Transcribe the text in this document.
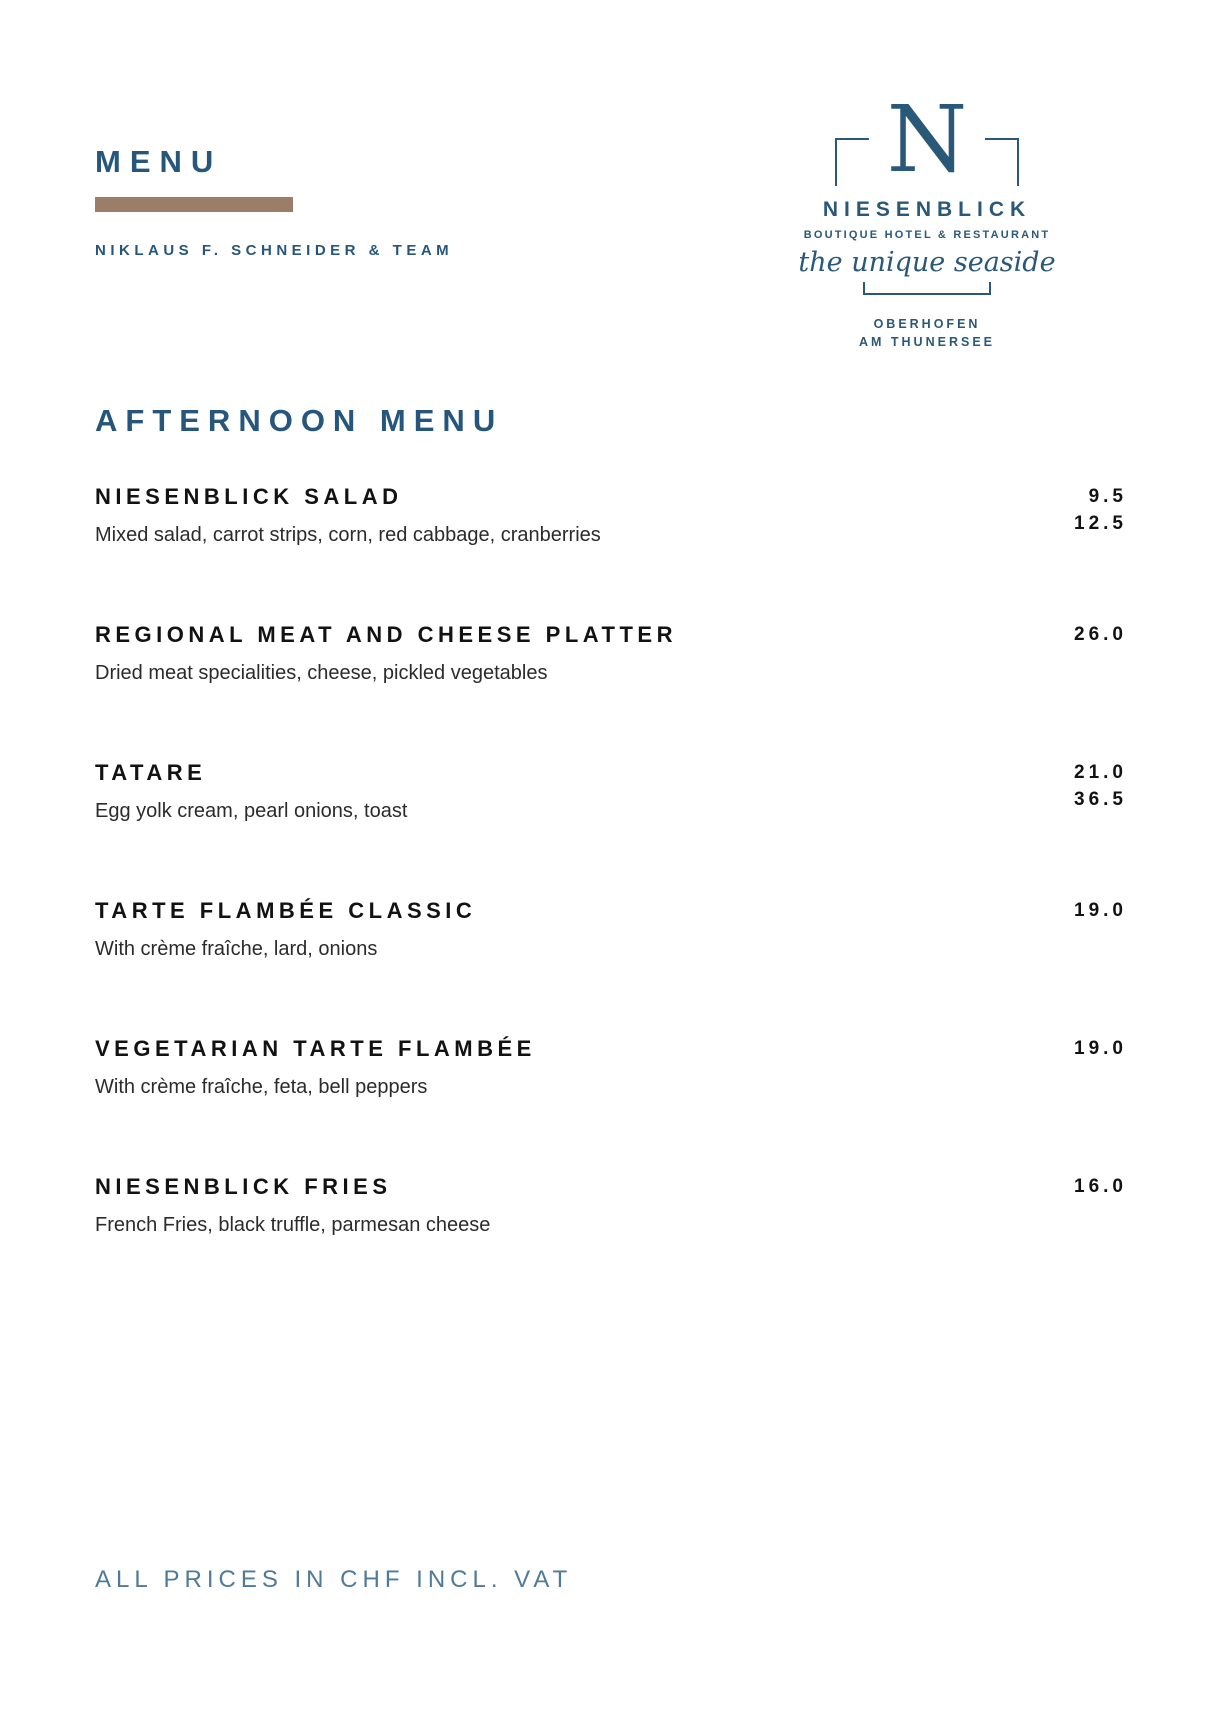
MENU
NIKLAUS F. SCHNEIDER & TEAM
N
NIESENBLICK
BOUTIQUE HOTEL & RESTAURANT
the unique seaside
OBERHOFEN
AM THUNERSEE
AFTERNOON MENU
NIESENBLICK SALAD
Mixed salad, carrot strips, corn, red cabbage, cranberries
9.5
12.5
REGIONAL MEAT AND CHEESE PLATTER
Dried meat specialities, cheese, pickled vegetables
26.0
TATARE
Egg yolk cream, pearl onions, toast
21.0
36.5
TARTE FLAMBÉE CLASSIC
With crème fraîche, lard, onions
19.0
VEGETARIAN TARTE FLAMBÉE
With crème fraîche, feta, bell peppers
19.0
NIESENBLICK FRIES
French Fries, black truffle, parmesan cheese
16.0
ALL PRICES IN CHF INCL. VAT
